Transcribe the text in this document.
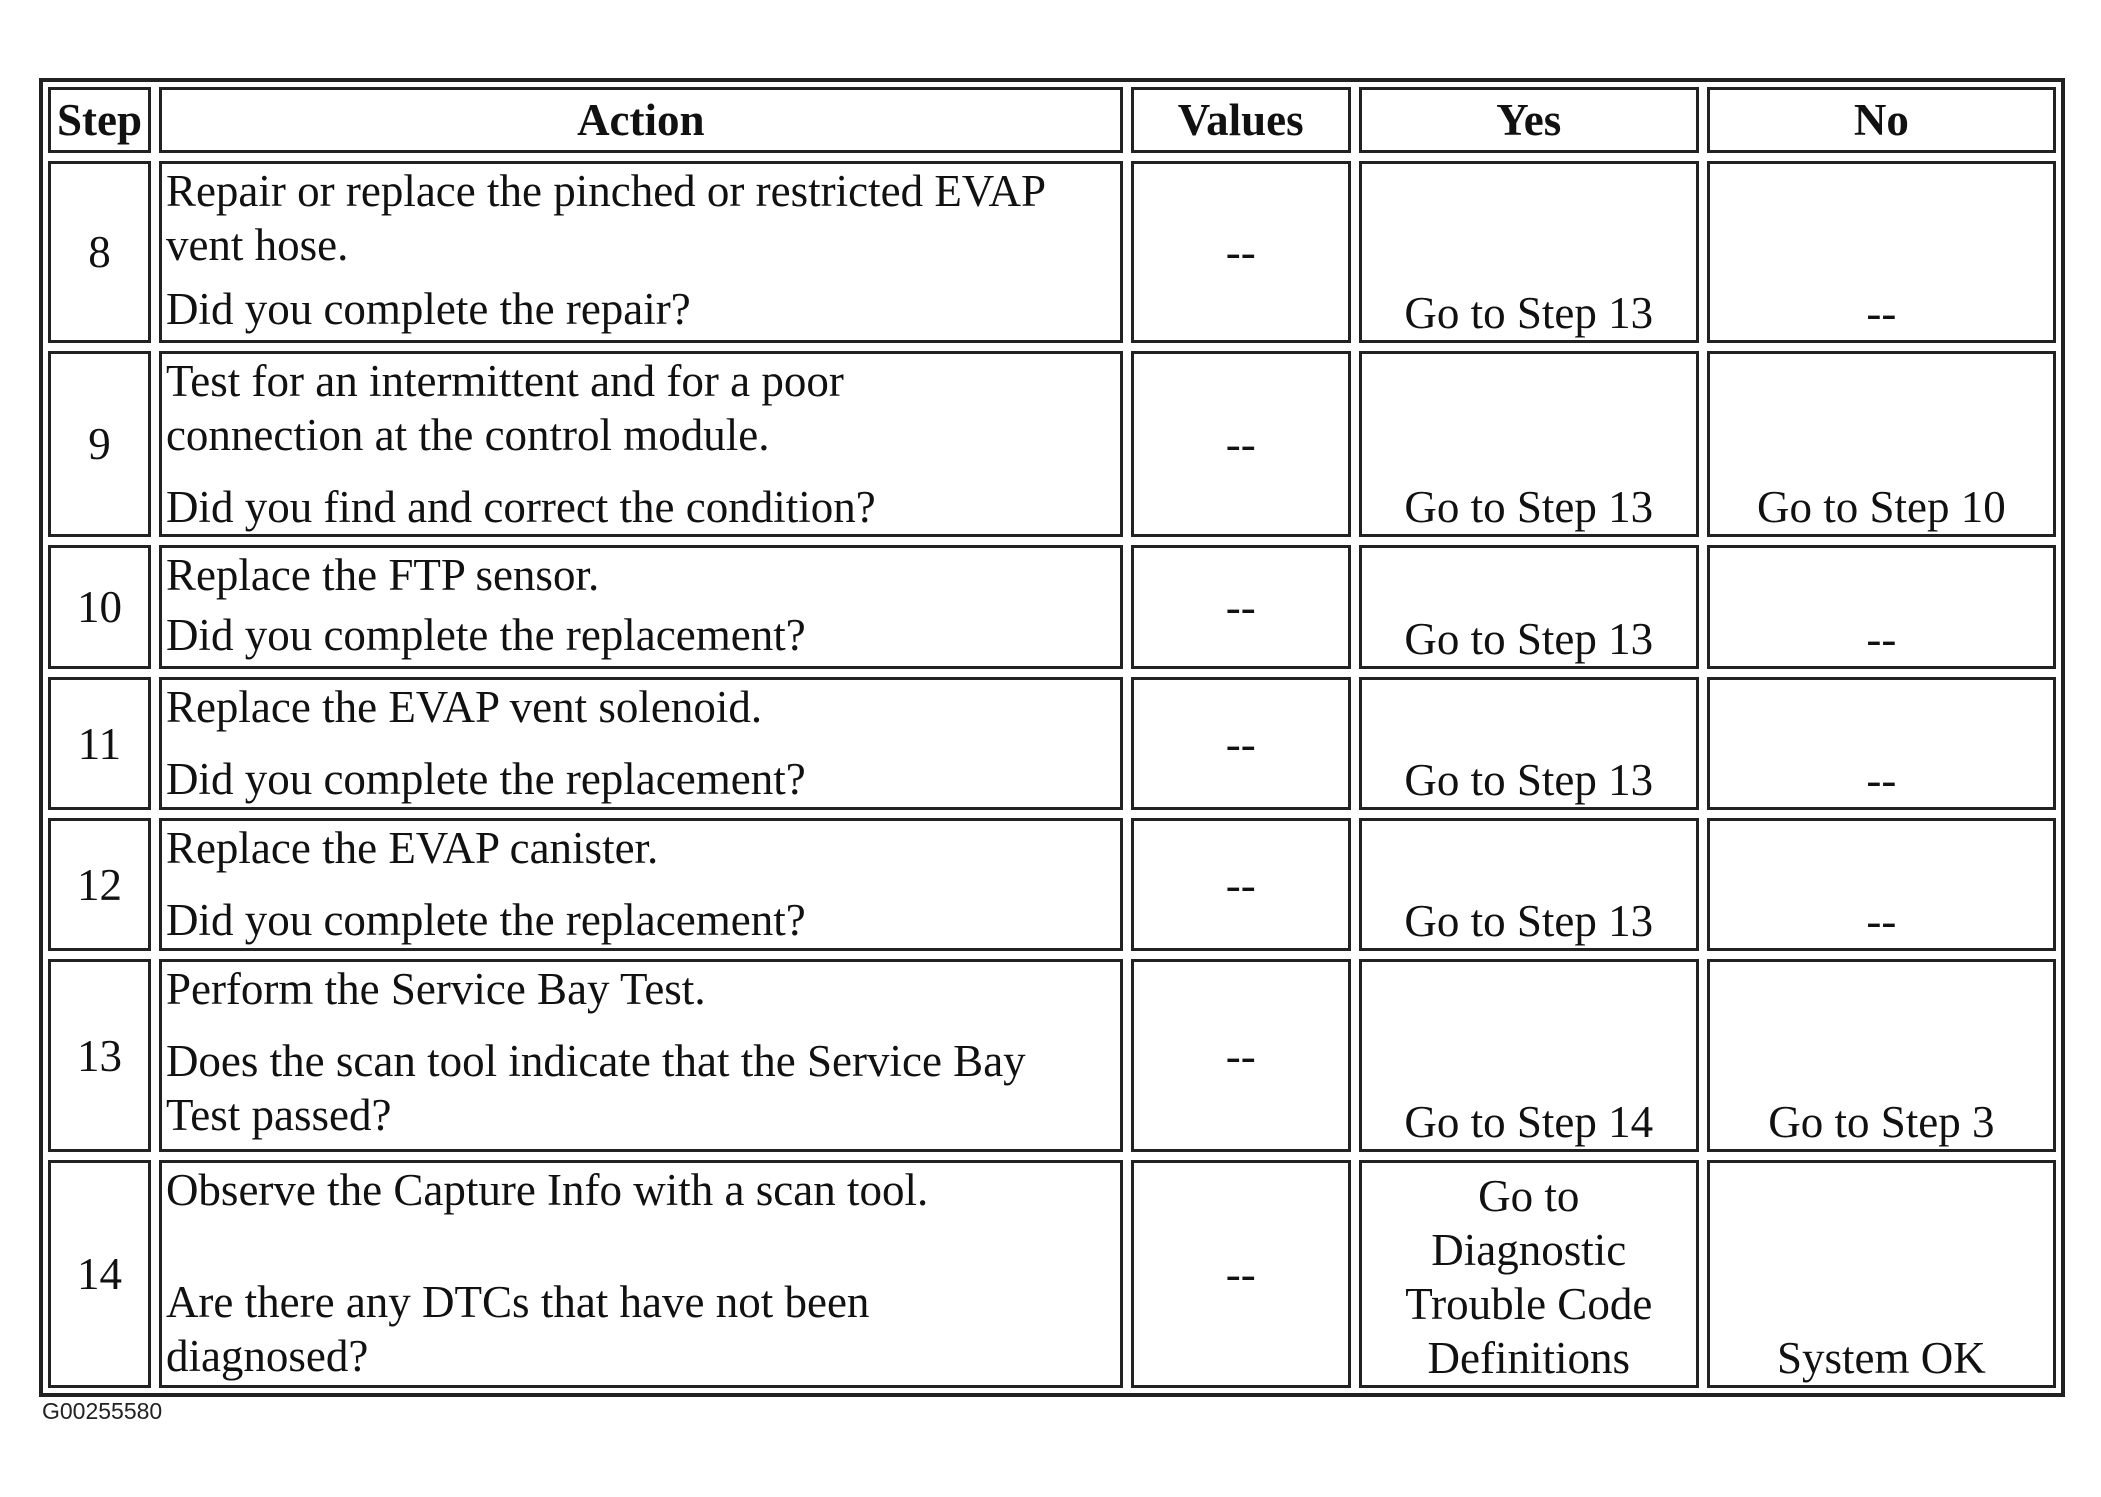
Step	Action	Values	Yes	No
8	Repair or replace the pinched or restricted EVAP
vent hose.
Did you complete the repair?	--	Go to Step 13	--
9	Test for an intermittent and for a poor
connection at the control module.
Did you find and correct the condition?	--	Go to Step 13	Go to Step 10
10	Replace the FTP sensor.
Did you complete the replacement?	--	Go to Step 13	--
11	Replace the EVAP vent solenoid.
Did you complete the replacement?	--	Go to Step 13	--
12	Replace the EVAP canister.
Did you complete the replacement?	--	Go to Step 13	--
13	Perform the Service Bay Test.
Does the scan tool indicate that the Service Bay
Test passed?	--	Go to Step 14	Go to Step 3
14	Observe the Capture Info with a scan tool.
Are there any DTCs that have not been
diagnosed?	--	Go to
Diagnostic
Trouble Code
Definitions	System OK
G00255580
